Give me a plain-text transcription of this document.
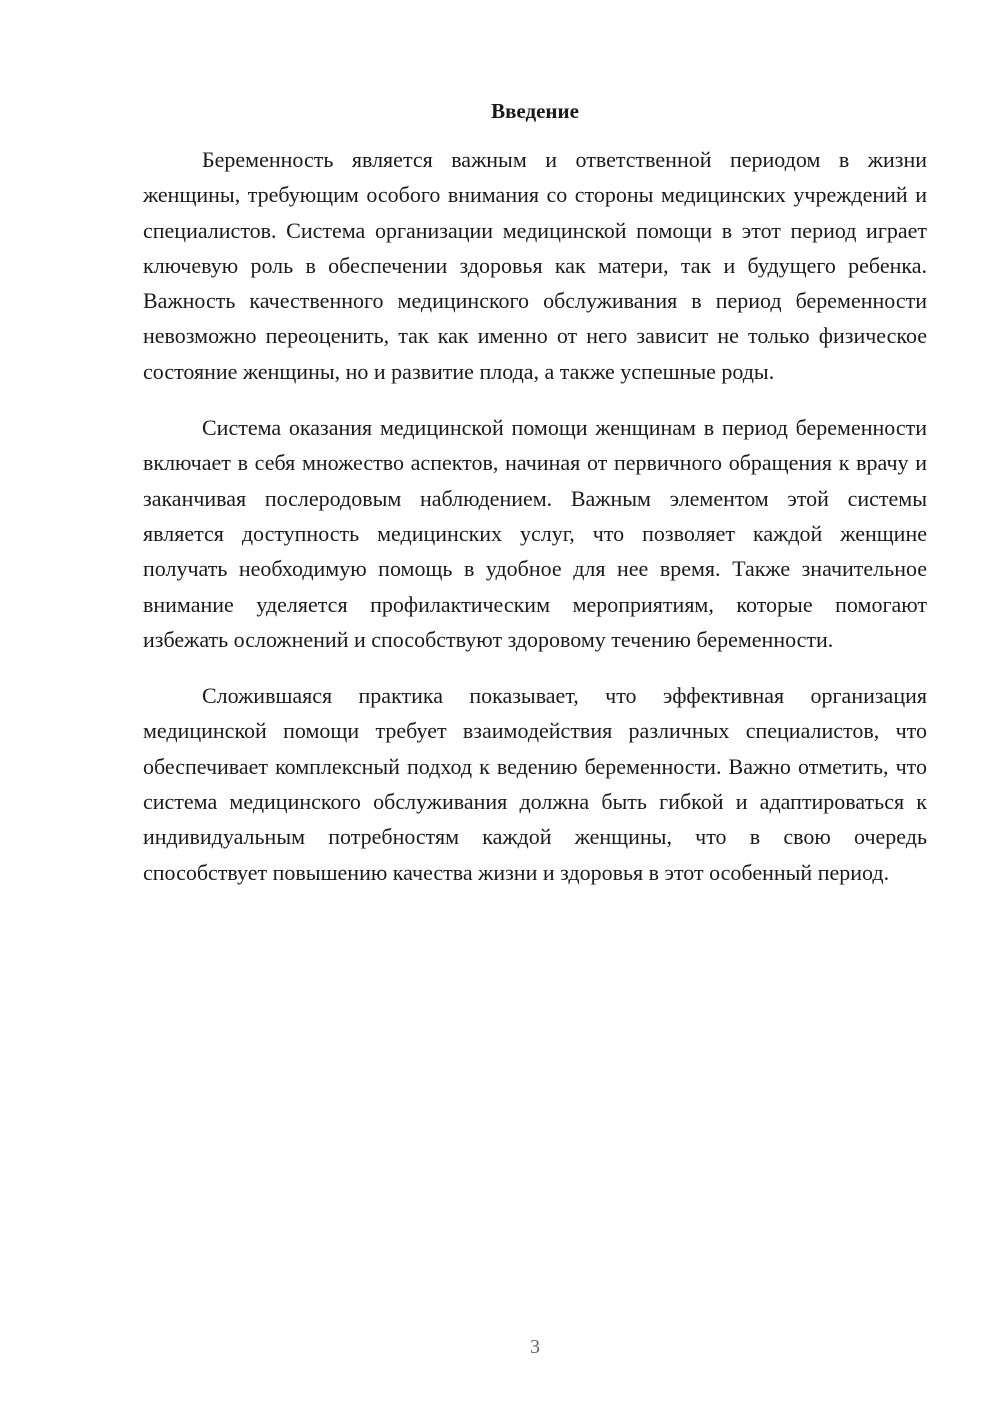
Введение

Беременность является важным и ответственной периодом в жизни женщины, требующим особого внимания со стороны медицинских учреждений и специалистов. Система организации медицинской помощи в этот период играет ключевую роль в обеспечении здоровья как матери, так и будущего ребенка. Важность качественного медицинского обслуживания в период беременности невозможно переоценить, так как именно от него зависит не только физическое состояние женщины, но и развитие плода, а также успешные роды.

Система оказания медицинской помощи женщинам в период беременности включает в себя множество аспектов, начиная от первичного обращения к врачу и заканчивая послеродовым наблюдением. Важным элементом этой системы является доступность медицинских услуг, что позволяет каждой женщине получать необходимую помощь в удобное для нее время. Также значительное внимание уделяется профилактическим мероприятиям, которые помогают избежать осложнений и способствуют здоровому течению беременности.

Сложившаяся практика показывает, что эффективная организация медицинской помощи требует взаимодействия различных специалистов, что обеспечивает комплексный подход к ведению беременности. Важно отметить, что система медицинского обслуживания должна быть гибкой и адаптироваться к индивидуальным потребностям каждой женщины, что в свою очередь способствует повышению качества жизни и здоровья в этот особенный период.

3
